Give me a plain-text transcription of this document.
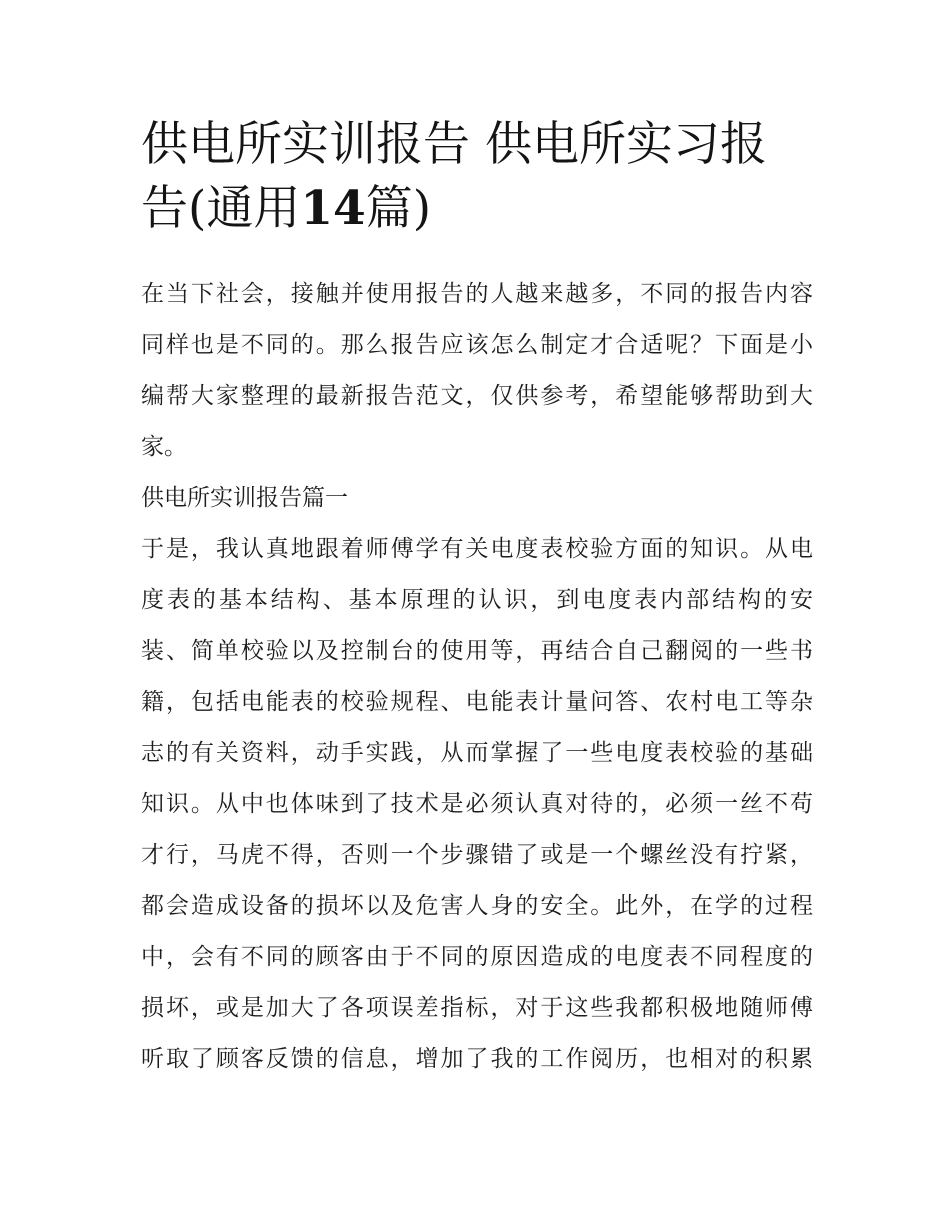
供电所实训报告 供电所实习报
告(通用14篇)

在当下社会，接触并使用报告的人越来越多，不同的报告内容
同样也是不同的。那么报告应该怎么制定才合适呢？下面是小
编帮大家整理的最新报告范文，仅供参考，希望能够帮助到大
家。

供电所实训报告篇一

于是，我认真地跟着师傅学有关电度表校验方面的知识。从电
度表的基本结构、基本原理的认识，到电度表内部结构的安
装、简单校验以及控制台的使用等，再结合自己翻阅的一些书
籍，包括电能表的校验规程、电能表计量问答、农村电工等杂
志的有关资料，动手实践，从而掌握了一些电度表校验的基础
知识。从中也体味到了技术是必须认真对待的，必须一丝不苟
才行，马虎不得，否则一个步骤错了或是一个螺丝没有拧紧，
都会造成设备的损坏以及危害人身的安全。此外，在学的过程
中，会有不同的顾客由于不同的原因造成的电度表不同程度的
损坏，或是加大了各项误差指标，对于这些我都积极地随师傅
听取了顾客反馈的信息，增加了我的工作阅历，也相对的积累
